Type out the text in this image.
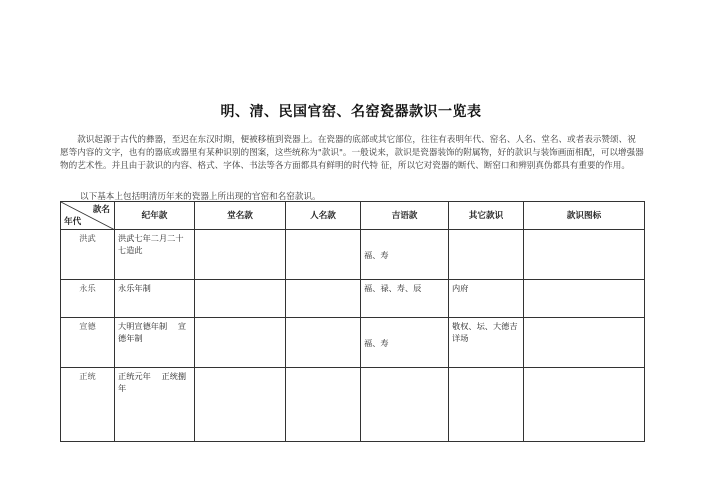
明、清、民国官窑、名窑瓷器款识一览表

款识起源于古代的彝器，至迟在东汉时期，便被移植到瓷器上。在瓷器的底部或其它部位，往往有表明年代、窑名、人名、堂名、或者表示赞颂、祝愿等内容的文字，也有的器底或器里有某种识别的图案，这些统称为"款识"。一般说来，款识是瓷器装饰的附属物，好的款识与装饰画面相配，可以增强器物的艺术性。并且由于款识的内容、格式、字体、书法等各方面都具有鲜明的时代特 征，所以它对瓷器的断代、断窑口和辨别真伪都具有重要的作用。

以下基本上包括明清历年来的瓷器上所出现的官窑和名窑款识。
款名
年代	纪年款	堂名款	人名款	吉语款	其它款识	款识图标
洪武	洪武七年二月二十七造此			福、寿		
永乐	永乐年制			福、禄、寿、辰	内府	
宣德	大明宣德年制　 宣德年制			福、寿	敬权、坛、大德吉详场	
正统	正统元年　 正统捌年					
